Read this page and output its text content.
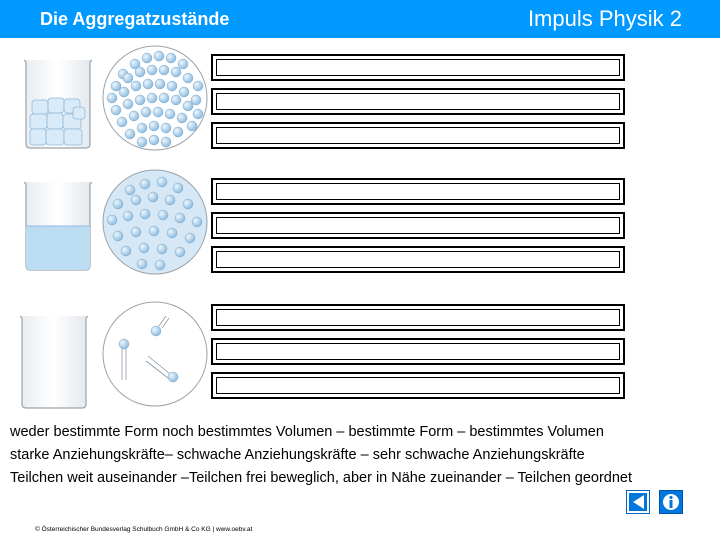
Die Aggregatzustände	Impuls Physik 2
weder bestimmte Form noch bestimmtes Volumen – bestimmte Form – bestimmtes Volumen
starke Anziehungskräfte– schwache Anziehungskräfte – sehr schwache Anziehungskräfte
Teilchen weit auseinander –Teilchen frei beweglich, aber in Nähe zueinander – Teilchen geordnet
© Österreichischer Bundesverlag Schulbuch GmbH & Co KG | www.oebv.at
